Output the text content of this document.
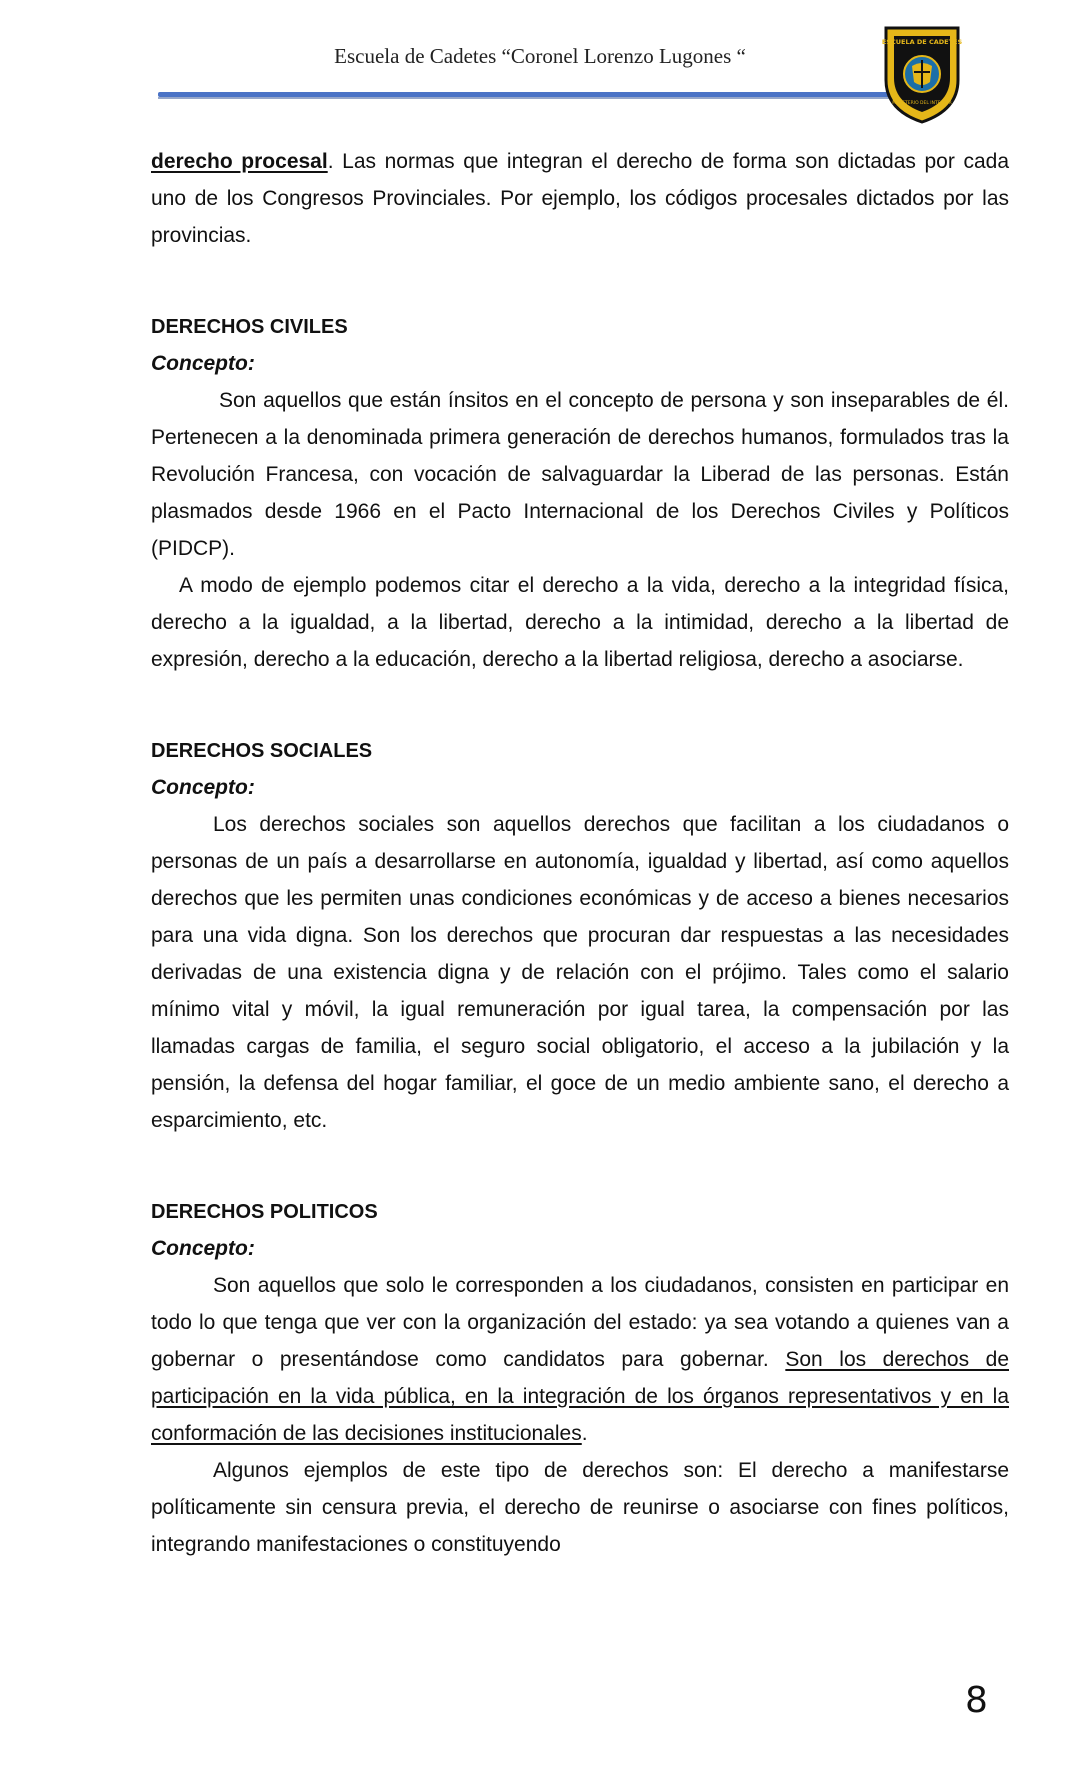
Escuela de Cadetes “Coronel Lorenzo Lugones “
ESCUELA DE CADETES
MINISTERIO DEL INTERIOR

derecho procesal. Las normas que integran el derecho de forma son dictadas por cada uno de los Congresos Provinciales. Por ejemplo, los códigos procesales dictados por las provincias.

DERECHOS CIVILES

Concepto:

Son aquellos que están ínsitos en el concepto de persona y son inseparables de él. Pertenecen a la denominada primera generación de derechos humanos, formulados tras la Revolución Francesa, con vocación de salvaguardar la Liberad de las personas. Están plasmados desde 1966 en el Pacto Internacional de los Derechos Civiles y Políticos (PIDCP).

A modo de ejemplo podemos citar el derecho a la vida, derecho a la integridad física, derecho a la igualdad, a la libertad, derecho a la intimidad, derecho a la libertad de expresión, derecho a la educación, derecho a la libertad religiosa, derecho a asociarse.

DERECHOS SOCIALES

Concepto:

Los derechos sociales son aquellos derechos que facilitan a los ciudadanos o personas de un país a desarrollarse en autonomía, igualdad y libertad, así como aquellos derechos que les permiten unas condiciones económicas y de acceso a bienes necesarios para una vida digna. Son los derechos que procuran dar respuestas a las necesidades derivadas de una existencia digna y de relación con el prójimo. Tales como el salario mínimo vital y móvil, la igual remuneración por igual tarea, la compensación por las llamadas cargas de familia, el seguro social obligatorio, el acceso a la jubilación y la pensión, la defensa del hogar familiar, el goce de un medio ambiente sano, el derecho a esparcimiento, etc.

DERECHOS POLITICOS

Concepto:

Son aquellos que solo le corresponden a los ciudadanos, consisten en participar en todo lo que tenga que ver con la organización del estado: ya sea votando a quienes van a gobernar o presentándose como candidatos para gobernar. Son los derechos de participación en la vida pública, en la integración de los órganos representativos y en la conformación de las decisiones institucionales.

Algunos ejemplos de este tipo de derechos son: El derecho a manifestarse políticamente sin censura previa, el derecho de reunirse o asociarse con fines políticos, integrando manifestaciones o constituyendo

8
